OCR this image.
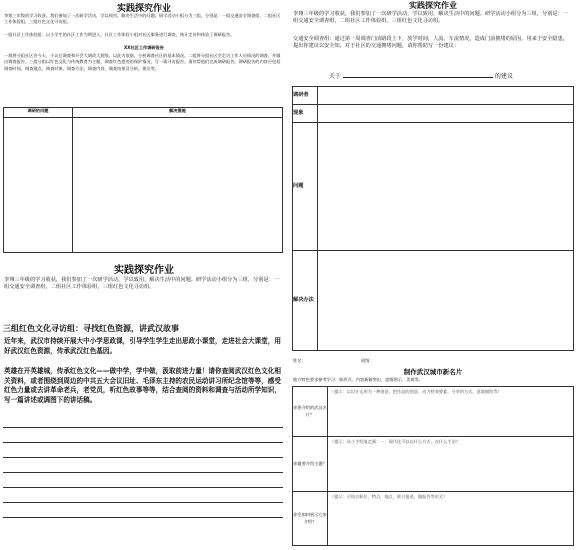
实践探究作业
李翔三年级的学习收获。我们参加了一次研学活动，学以致用。解决生活中的问题。研学活动小组分为三组，分别是：一组交通安全调查组，二组社区工作体验组，三组红色文化寻访组。
一组社区工作体验组：以小学生的社区工作为例进入，社区工作体验小组对社区服务进行调查，统计走访和体验了调研报告。
XX社区工作调研报告
一群将分组社区会今天，小议后调查和开会大调改大班级。以此为依据，分析调查社区的基本情况。二组将分组社区会走访工作人员情况的调查，并做出调查报告。三组分组以红色文化与传统教育为主题，调查红色遗迹的保护情况，写一篇寻访报告。请你帮他们完成调研报告。调研报告的内容应包括调查时间，调查地点，调查对象，调查方法，调查内容，调查结果及分析，建议等。
调研的问题	解决措施

实践探究作业
李翔三年级的学习收获。我们参加了一次研学活动，学以致用，解决生活中的问题。研学活动小组分为三组，分别是：一组交通安全调查组，二组社区工作体验组，三组红色文化寻访组。
交通安全调查组：通过第一周调查门前路段上下，放学时间，人流、车流情况，造成门前拥堵的原因。用来于安全隐患，提出你建议以安全知，对于社区的交通拥堵问题，请你帮助写一份建议：
关于	的建议
调研者	
现象	
问题	
解决办法	
实践探究作业
李翔三年级的学习收获，我们参加了一次研学活动，学以致用，解决生活中的问题。研学活动小组分为三组，分别是：一组交通安全调查组，二组社区工作体验组，三组红色文化寻访组。
三组红色文化寻访组：寻找红色资源，讲武汉故事
近年来，武汉市持续开展大中小学思政课，引导学生学生走出思政小课堂，走进社会大课堂，用好武汉红色资源，传承武汉红色基因。
英雄在开英雄城，传承红色文化——做中学，学中做，汲取前进力量！请你查阅武汉红色文化相关资料，或者围绕到周边的中共五大会议旧址、毛泽东主持的农民运动讲习所纪念馆等等，感受红色力量或去讲革命老兵，老党员，听红色故事等等，结合查阅的资料和调查与活动所学知识，写一篇讲述或调图下的讲话稿。
姓名：	班级：
制作武汉城市新名片
地方特色要求参考学习：如形式、内容新颖突出，思维图示、美观等。
你要介绍的武汉名片？	（提示：以设计运用为一种创意，把作品的创意、动力特效要素、分享的方式、意境描绘等）
你做要介绍主题？	（提示：从小手绘笔走画：一、现代化可以以什么方式，在什么手法？
你会如何展示它来介绍？	（提示：可结合职位，特点，地点，联合报道，做报告等形式）
